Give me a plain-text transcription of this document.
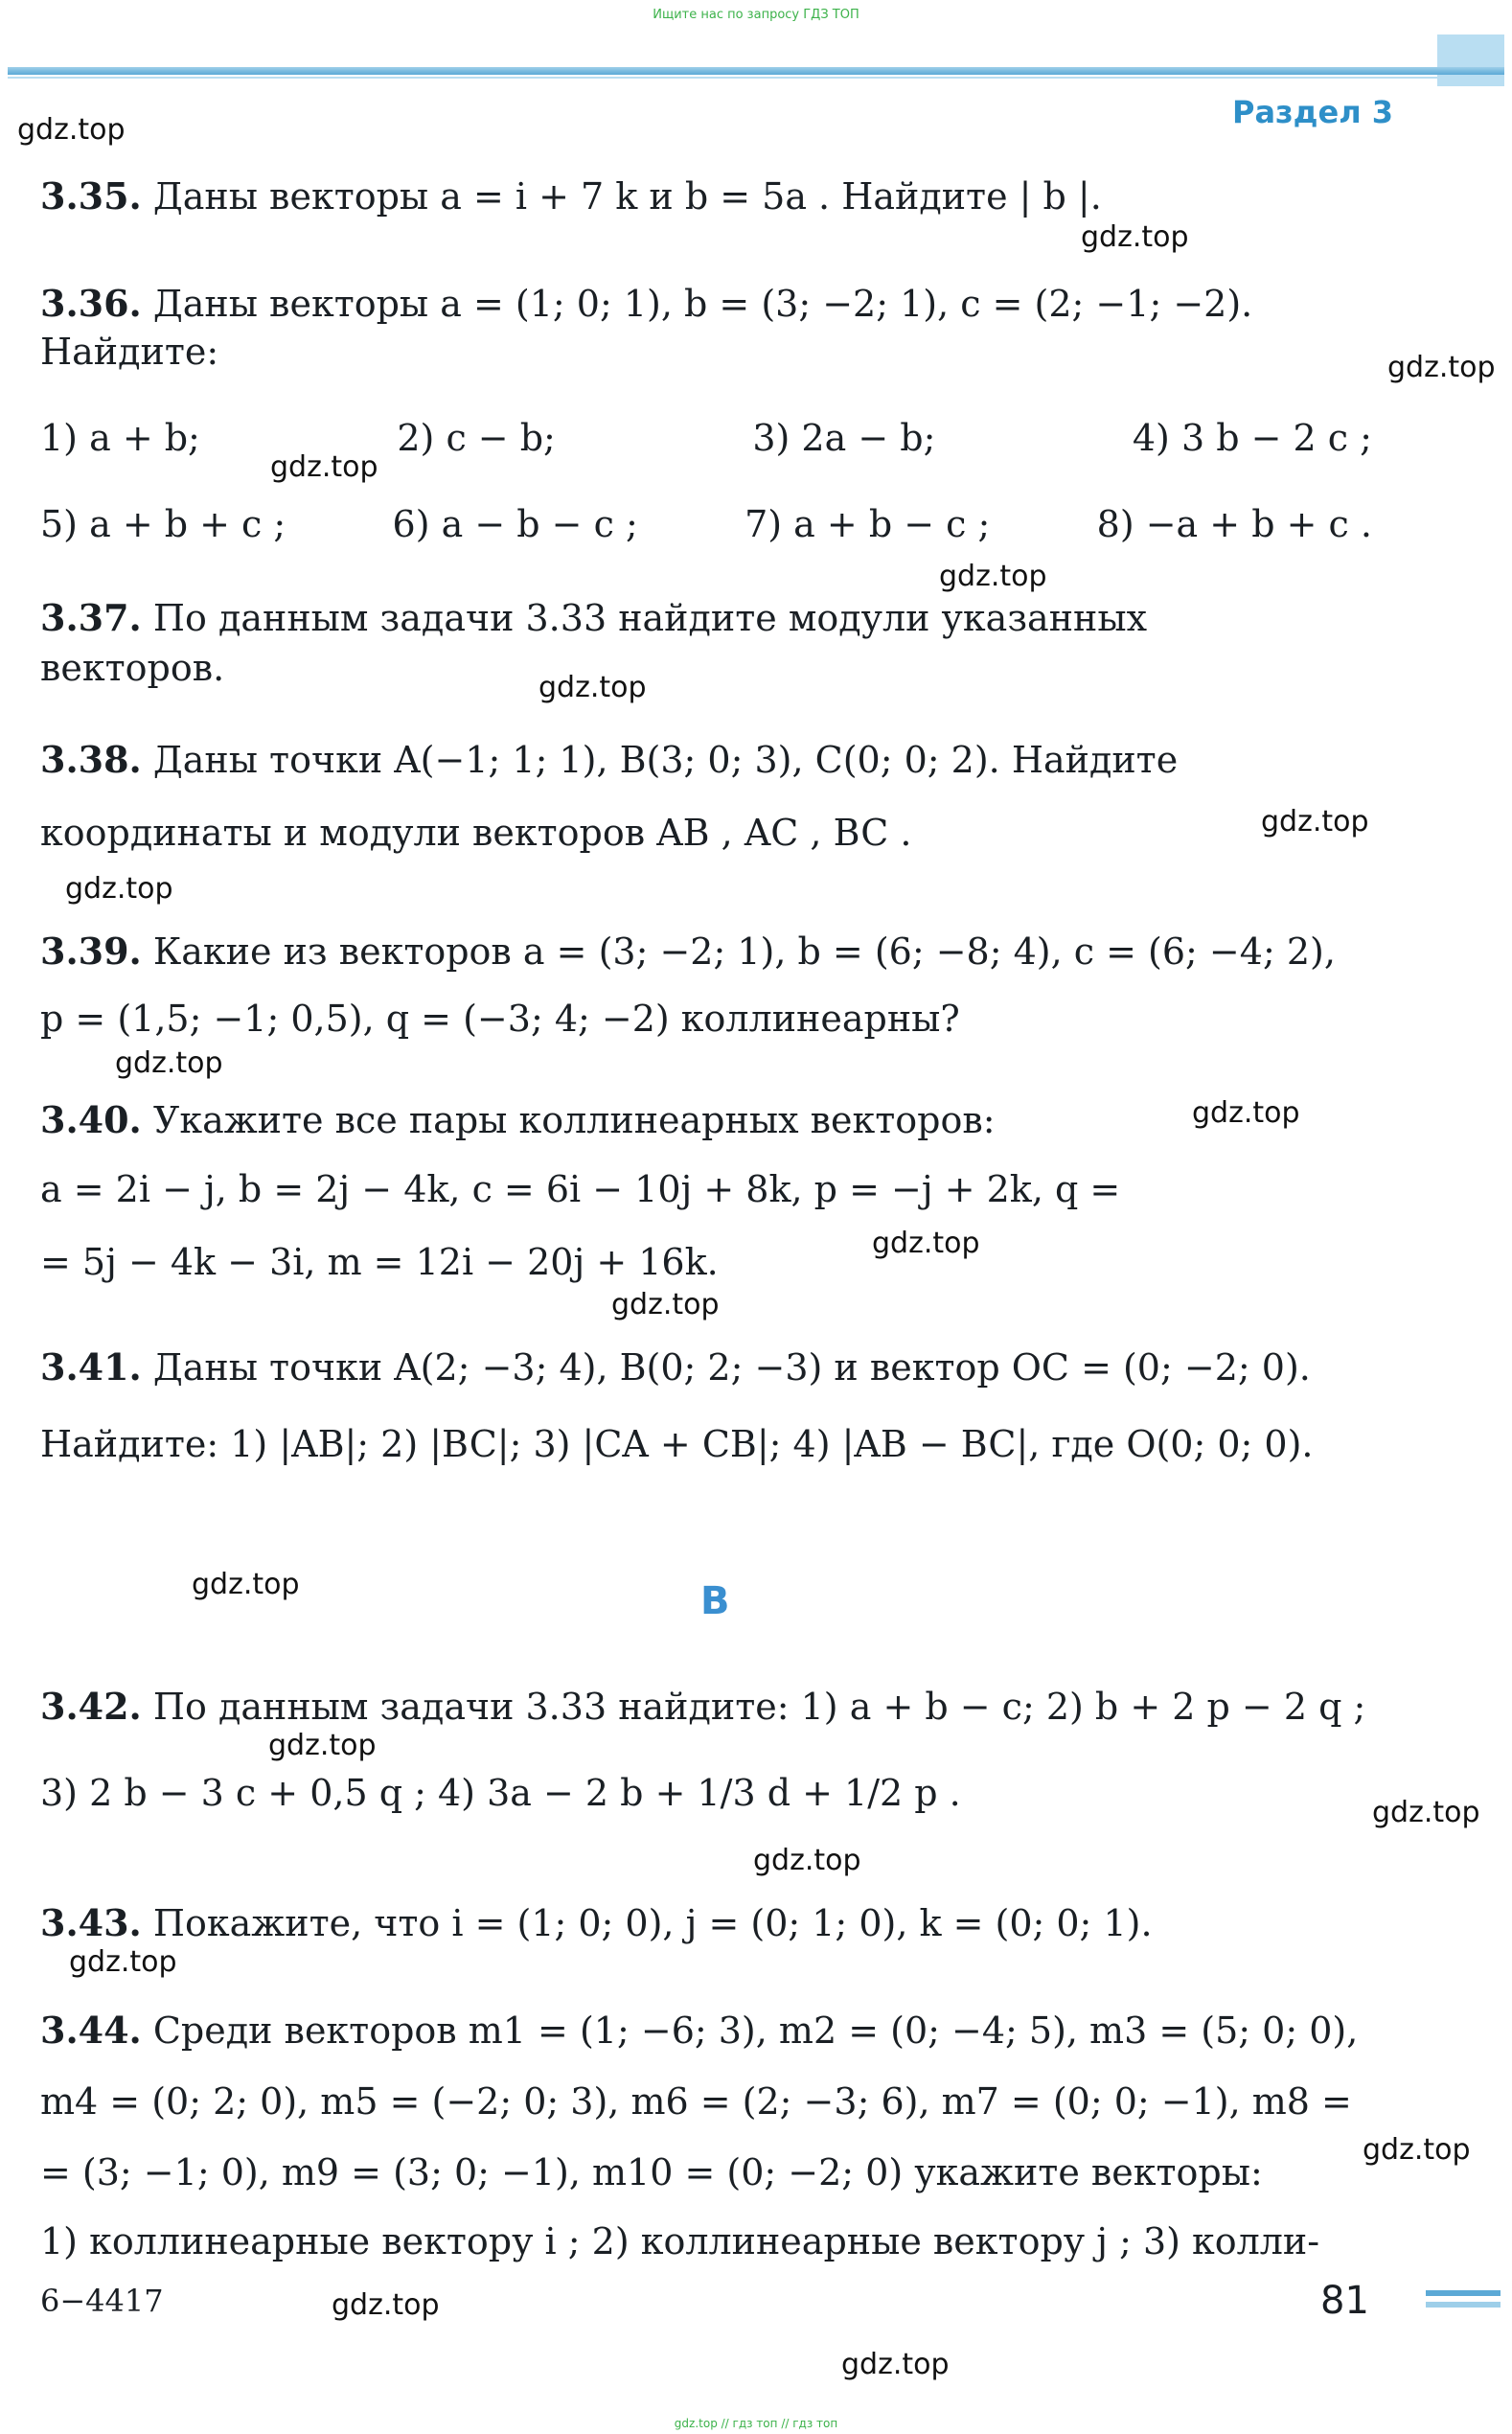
Ищите нас по запросу ГДЗ ТОП
Раздел 3
gdz.top
gdz.top
gdz.top
gdz.top
gdz.top
gdz.top
gdz.top
gdz.top
gdz.top
gdz.top
gdz.top
gdz.top
gdz.top
gdz.top
gdz.top
gdz.top
gdz.top
gdz.top
gdz.top
gdz.top
3.35. Даны векторы a = i + 7 k и b = 5a . Найдите | b |.
3.36. Даны векторы a = (1; 0; 1), b = (3; −2; 1), c = (2; −1; −2).
Найдите:
1) a + b;	2) c − b;	3) 2a − b;	4) 3 b − 2 c ;
5) a + b + c ;	6) a − b − c ;	7) a + b − c ;	8) −a + b + c .
3.37. По данным задачи 3.33 найдите модули указанных
векторов.
3.38. Даны точки A(−1; 1; 1), B(3; 0; 3), C(0; 0; 2). Найдите
координаты и модули векторов AB , AC , BC .
3.39. Какие из векторов a = (3; −2; 1), b = (6; −8; 4), c = (6; −4; 2),
p = (1,5; −1; 0,5), q = (−3; 4; −2) коллинеарны?
3.40. Укажите все пары коллинеарных векторов:
a = 2i − j, b = 2j − 4k, c = 6i − 10j + 8k, p = −j + 2k, q =
= 5j − 4k − 3i, m = 12i − 20j + 16k.
3.41. Даны точки A(2; −3; 4), B(0; 2; −3) и вектор OC = (0; −2; 0).
Найдите: 1) |AB|; 2) |BC|; 3) |CA + CB|; 4) |AB − BC|, где O(0; 0; 0).
B
3.42. По данным задачи 3.33 найдите: 1) a + b − c; 2) b + 2 p − 2 q ;
3) 2 b − 3 c + 0,5 q ; 4) 3a − 2 b + 1/3 d + 1/2 p .
3.43. Покажите, что i = (1; 0; 0), j = (0; 1; 0), k = (0; 0; 1).
3.44. Среди векторов m1 = (1; −6; 3), m2 = (0; −4; 5), m3 = (5; 0; 0),
m4 = (0; 2; 0), m5 = (−2; 0; 3), m6 = (2; −3; 6), m7 = (0; 0; −1), m8 =
= (3; −1; 0), m9 = (3; 0; −1), m10 = (0; −2; 0) укажите векторы:
1) коллинеарные вектору i ; 2) коллинеарные вектору j ; 3) колли-
6−4417	81
gdz.top // гдз топ // гдз топ
